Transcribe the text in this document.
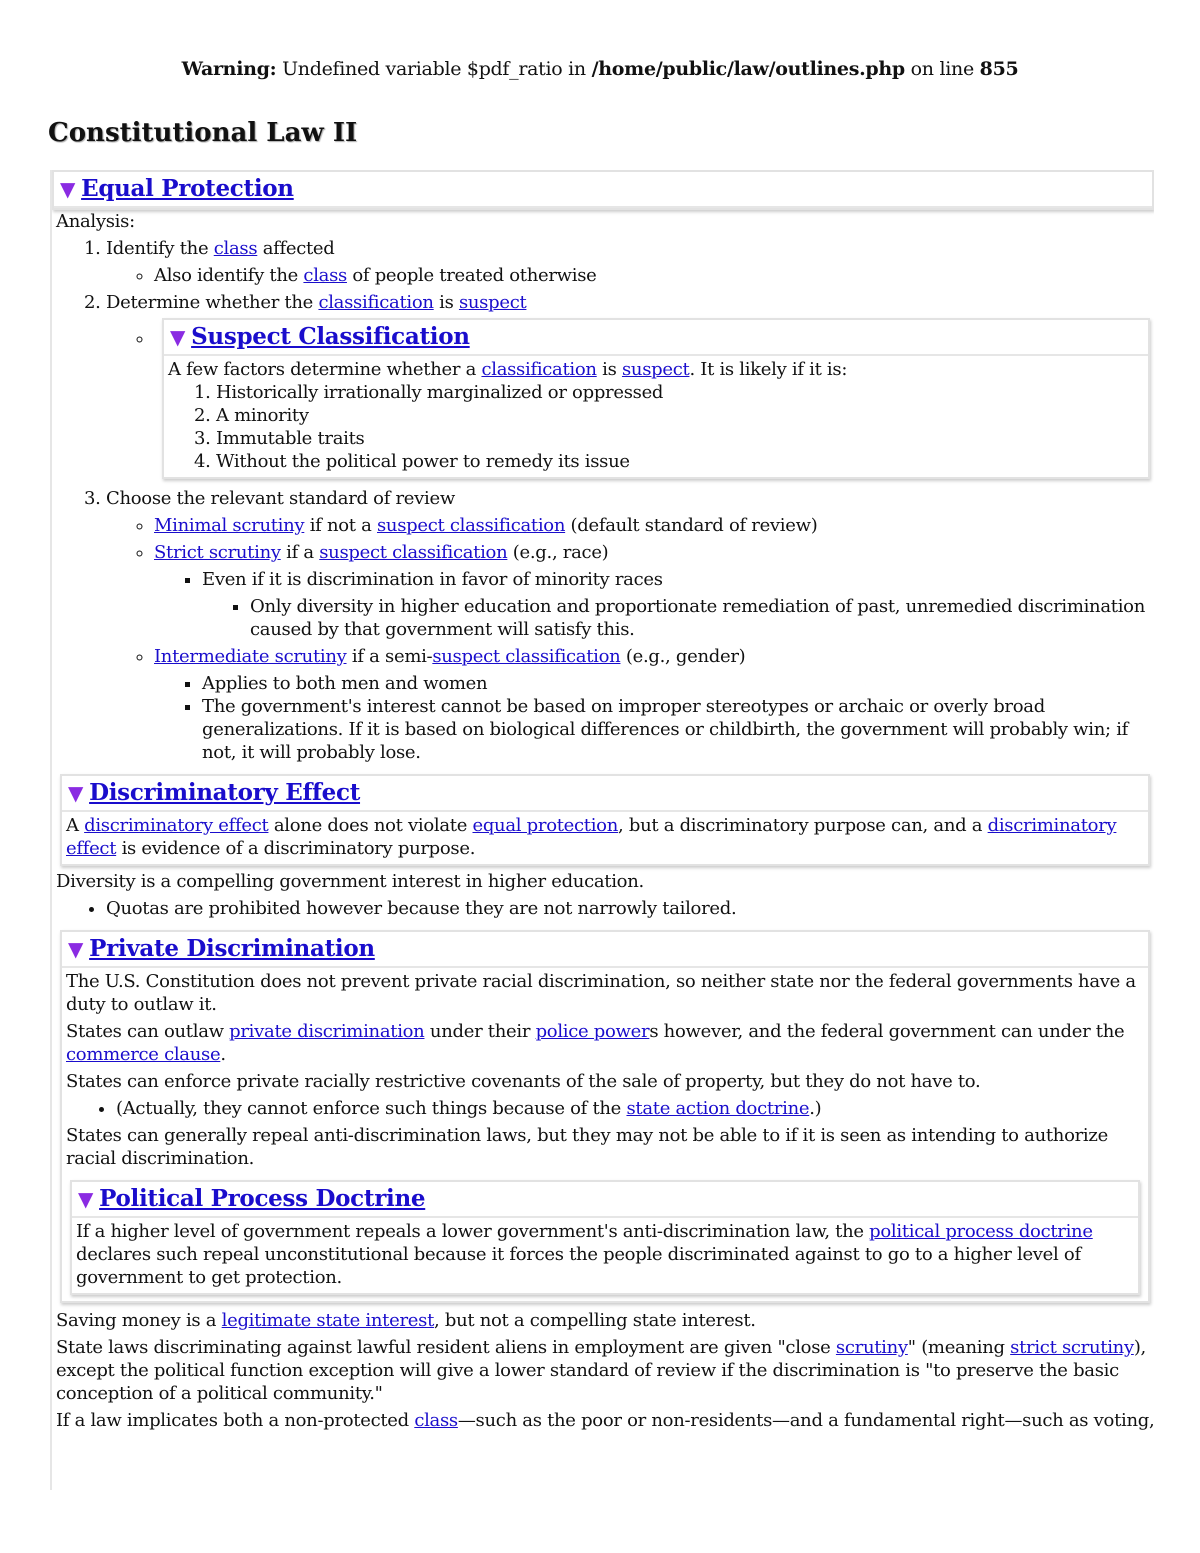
Warning: Undefined variable $pdf_ratio in /home/public/law/outlines.php on line 855
Constitutional Law II
▼ Equal Protection

Analysis:

1. Identify the class affected
◦ Also identify the class of people treated otherwise
2. Determine whether the classification is suspect
◦ ▼ Suspect Classification

A few factors determine whether a classification is suspect. It is likely if it is:

1. Historically irrationally marginalized or oppressed
2. A minority
3. Immutable traits
4. Without the political power to remedy its issue
3. Choose the relevant standard of review
◦ Minimal scrutiny if not a suspect classification (default standard of review)
◦ Strict scrutiny if a suspect classification (e.g., race)
▪ Even if it is discrimination in favor of minority races
▪ Only diversity in higher education and proportionate remediation of past, unremedied discrimination caused by that government will satisfy this.
◦ Intermediate scrutiny if a semi-suspect classification (e.g., gender)
▪ Applies to both men and women
▪ The government's interest cannot be based on improper stereotypes or archaic or overly broad generalizations. If it is based on biological differences or childbirth, the government will probably win; if not, it will probably lose.
▼ Discriminatory Effect

A discriminatory effect alone does not violate equal protection, but a discriminatory purpose can, and a discriminatory effect is evidence of a discriminatory purpose.

Diversity is a compelling government interest in higher education.

• Quotas are prohibited however because they are not narrowly tailored.
▼ Private Discrimination

The U.S. Constitution does not prevent private racial discrimination, so neither state nor the federal governments have a duty to outlaw it.

States can outlaw private discrimination under their police powers however, and the federal government can under the commerce clause.

States can enforce private racially restrictive covenants of the sale of property, but they do not have to.

• (Actually, they cannot enforce such things because of the state action doctrine.)

States can generally repeal anti-discrimination laws, but they may not be able to if it is seen as intending to authorize racial discrimination.

▼ Political Process Doctrine

If a higher level of government repeals a lower government's anti-discrimination law, the political process doctrine declares such repeal unconstitutional because it forces the people discriminated against to go to a higher level of government to get protection.

Saving money is a legitimate state interest, but not a compelling state interest.

State laws discriminating against lawful resident aliens in employment are given "close scrutiny" (meaning strict scrutiny), except the political function exception will give a lower standard of review if the discrimination is "to preserve the basic conception of a political community."

If a law implicates both a non-protected class—such as the poor or non-residents—and a fundamental right—such as voting,
